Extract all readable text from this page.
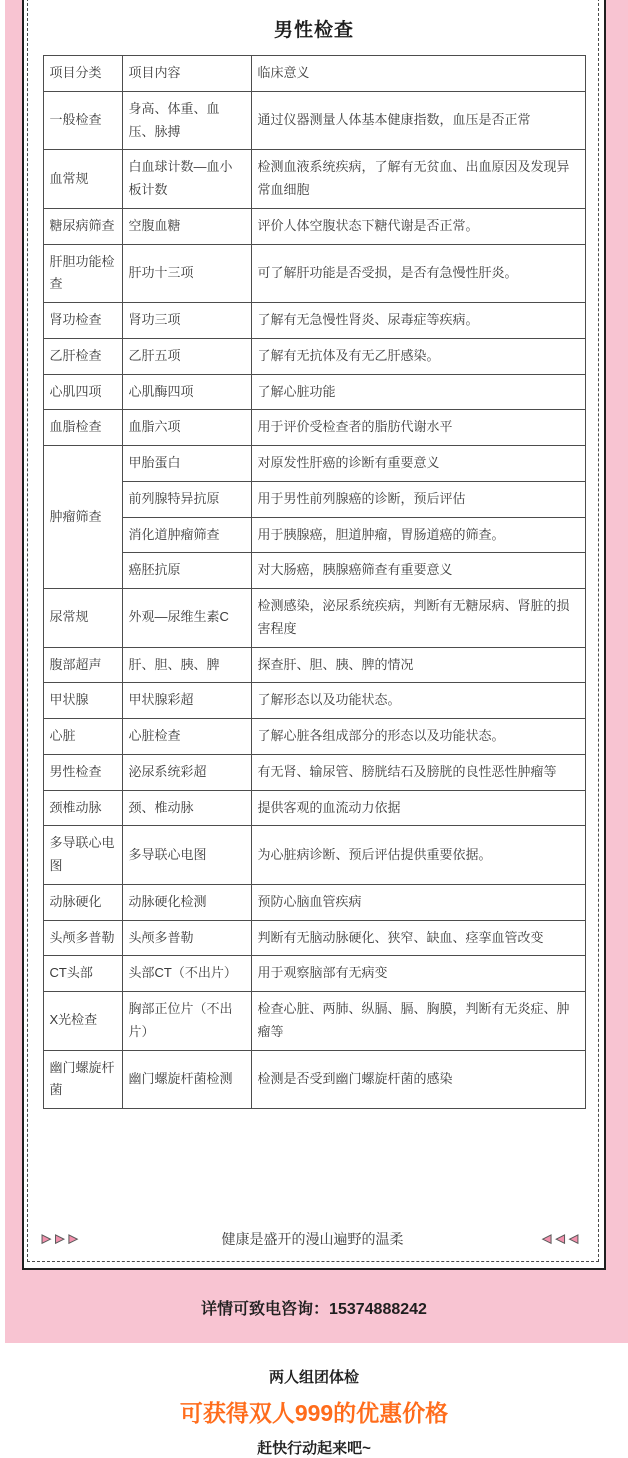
男性检查
项目分类	项目内容	临床意义
一般检查	身高、体重、血压、脉搏	通过仪器测量人体基本健康指数，血压是否正常
血常规	白血球计数—血小板计数	检测血液系统疾病，了解有无贫血、出血原因及发现异常血细胞
糖尿病筛查	空腹血糖	评价人体空腹状态下糖代谢是否正常。
肝胆功能检查	肝功十三项	可了解肝功能是否受损，是否有急慢性肝炎。
肾功检查	肾功三项	了解有无急慢性肾炎、尿毒症等疾病。
乙肝检查	乙肝五项	了解有无抗体及有无乙肝感染。
心肌四项	心肌酶四项	了解心脏功能
血脂检查	血脂六项	用于评价受检查者的脂肪代谢水平
肿瘤筛查	甲胎蛋白	对原发性肝癌的诊断有重要意义
	前列腺特异抗原	用于男性前列腺癌的诊断，预后评估
	消化道肿瘤筛查	用于胰腺癌，胆道肿瘤，胃肠道癌的筛查。
	癌胚抗原	对大肠癌，胰腺癌筛查有重要意义
尿常规	外观—尿维生素C	检测感染，泌尿系统疾病，判断有无糖尿病、肾脏的损害程度
腹部超声	肝、胆、胰、脾	探查肝、胆、胰、脾的情况
甲状腺	甲状腺彩超	了解形态以及功能状态。
心脏	心脏检查	了解心脏各组成部分的形态以及功能状态。
男性检查	泌尿系统彩超	有无肾、输尿管、膀胱结石及膀胱的良性恶性肿瘤等
颈椎动脉	颈、椎动脉	提供客观的血流动力依据
多导联心电图	多导联心电图	为心脏病诊断、预后评估提供重要依据。
动脉硬化	动脉硬化检测	预防心脑血管疾病
头颅多普勒	头颅多普勒	判断有无脑动脉硬化、狭窄、缺血、痉挛血管改变
CT头部	头部CT（不出片）	用于观察脑部有无病变
X光检查	胸部正位片（不出片）	检查心脏、两肺、纵膈、膈、胸膜，判断有无炎症、肿瘤等
幽门螺旋杆菌	幽门螺旋杆菌检测	检测是否受到幽门螺旋杆菌的感染
▶▶▶	健康是盛开的漫山遍野的温柔	◀◀◀
详情可致电咨询：15374888242
两人组团体检
可获得双人999的优惠价格
赶快行动起来吧~
